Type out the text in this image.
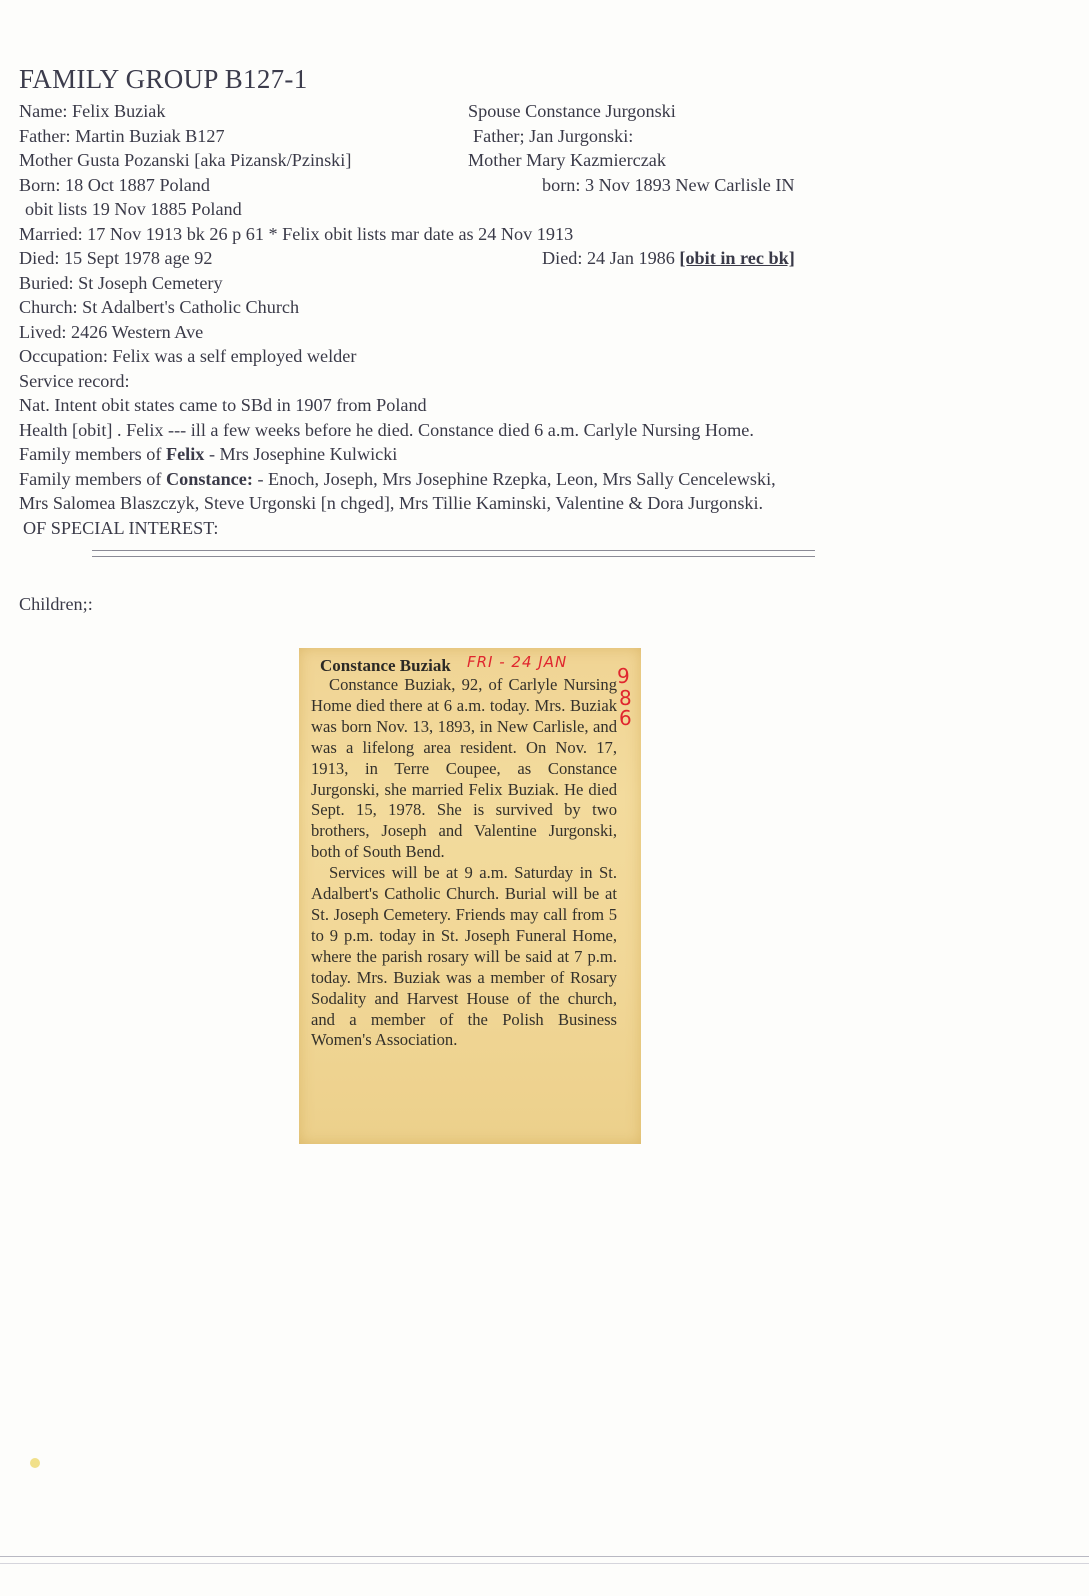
FAMILY GROUP B127-1
Name: Felix Buziak	Spouse Constance Jurgonski
Father: Martin Buziak B127	Father; Jan Jurgonski:
Mother Gusta Pozanski [aka Pizansk/Pzinski]	Mother Mary Kazmierczak
Born: 18 Oct 1887 Poland	born: 3 Nov 1893 New Carlisle IN
obit lists 19 Nov 1885 Poland
Married: 17 Nov 1913 bk 26 p 61 * Felix obit lists mar date as 24 Nov 1913
Died: 15 Sept 1978 age 92	Died: 24 Jan 1986 [obit in rec bk]
Buried: St Joseph Cemetery
Church: St Adalbert's Catholic Church
Lived: 2426 Western Ave
Occupation: Felix was a self employed welder
Service record:
Nat. Intent obit states came to SBd in 1907 from Poland
Health [obit] . Felix --- ill a few weeks before he died. Constance died 6 a.m. Carlyle Nursing Home.
Family members of Felix - Mrs Josephine Kulwicki
Family members of Constance: - Enoch, Joseph, Mrs Josephine Rzepka, Leon, Mrs Sally Cencelewski,
Mrs Salomea Blaszczyk, Steve Urgonski [n chged], Mrs Tillie Kaminski, Valentine & Dora Jurgonski.
OF SPECIAL INTEREST:
Children;:
Constance Buziak FRI - 24 JAN

Constance Buziak, 92, of Carlyle Nursing Home died there at 6 a.m. today. Mrs. Buziak was born Nov. 13, 1893, in New Carlisle, and was a lifelong area resident. On Nov. 17, 1913, in Terre Coupee, as Constance Jurgonski, she married Felix Buziak. He died Sept. 15, 1978. She is survived by two brothers, Joseph and Valentine Jurgonski, both of South Bend.

Services will be at 9 a.m. Saturday in St. Adalbert's Catholic Church. Burial will be at St. Joseph Cemetery. Friends may call from 5 to 9 p.m. today in St. Joseph Funeral Home, where the parish rosary will be said at 7 p.m. today. Mrs. Buziak was a member of Rosary Sodality and Harvest House of the church, and a member of the Polish Business Women's Association.

9
8
6
